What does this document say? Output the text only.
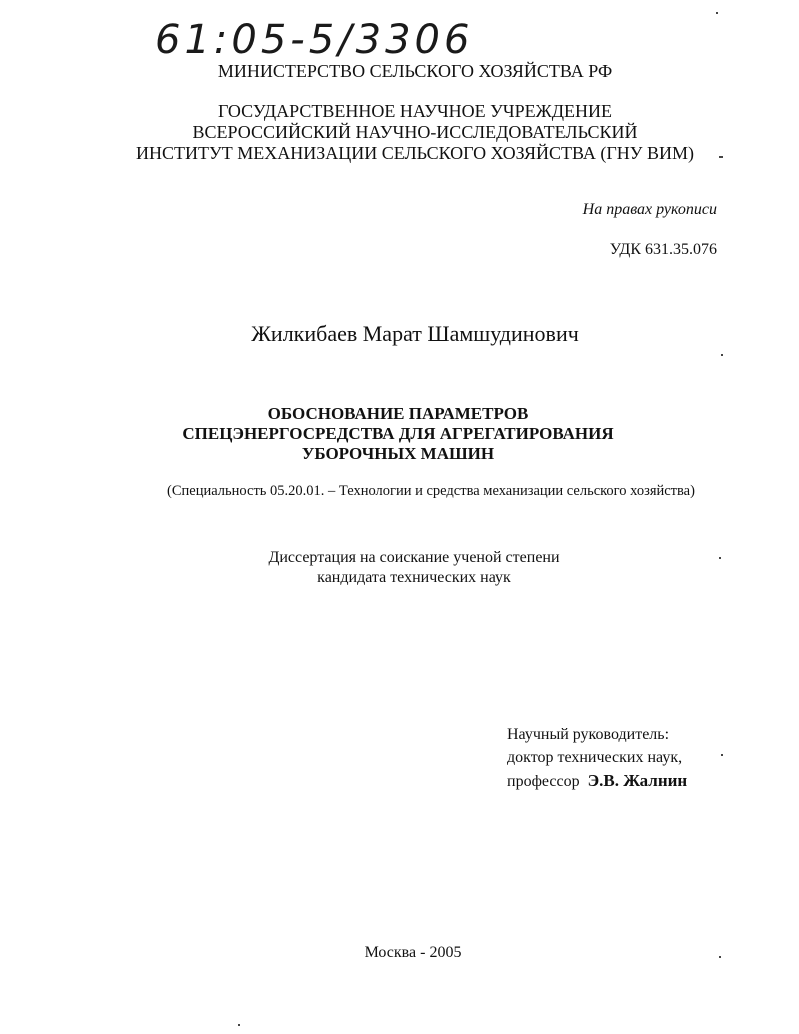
61:05-5/3306
МИНИСТЕРСТВО СЕЛЬСКОГО ХОЗЯЙСТВА РФ
ГОСУДАРСТВЕННОЕ НАУЧНОЕ УЧРЕЖДЕНИЕ
ВСЕРОССИЙСКИЙ НАУЧНО-ИССЛЕДОВАТЕЛЬСКИЙ
ИНСТИТУТ МЕХАНИЗАЦИИ СЕЛЬСКОГО ХОЗЯЙСТВА (ГНУ ВИМ)
На правах рукописи
УДК 631.35.076
Жилкибаев Марат Шамшудинович
ОБОСНОВАНИЕ ПАРАМЕТРОВ
СПЕЦЭНЕРГОСРЕДСТВА ДЛЯ АГРЕГАТИРОВАНИЯ
УБОРОЧНЫХ МАШИН
(Специальность 05.20.01. – Технологии и средства механизации сельского хозяйства)
Диссертация на соискание ученой степени
кандидата технических наук
Научный руководитель:
доктор технических наук,
профессор Э.В. Жалнин
Москва - 2005
